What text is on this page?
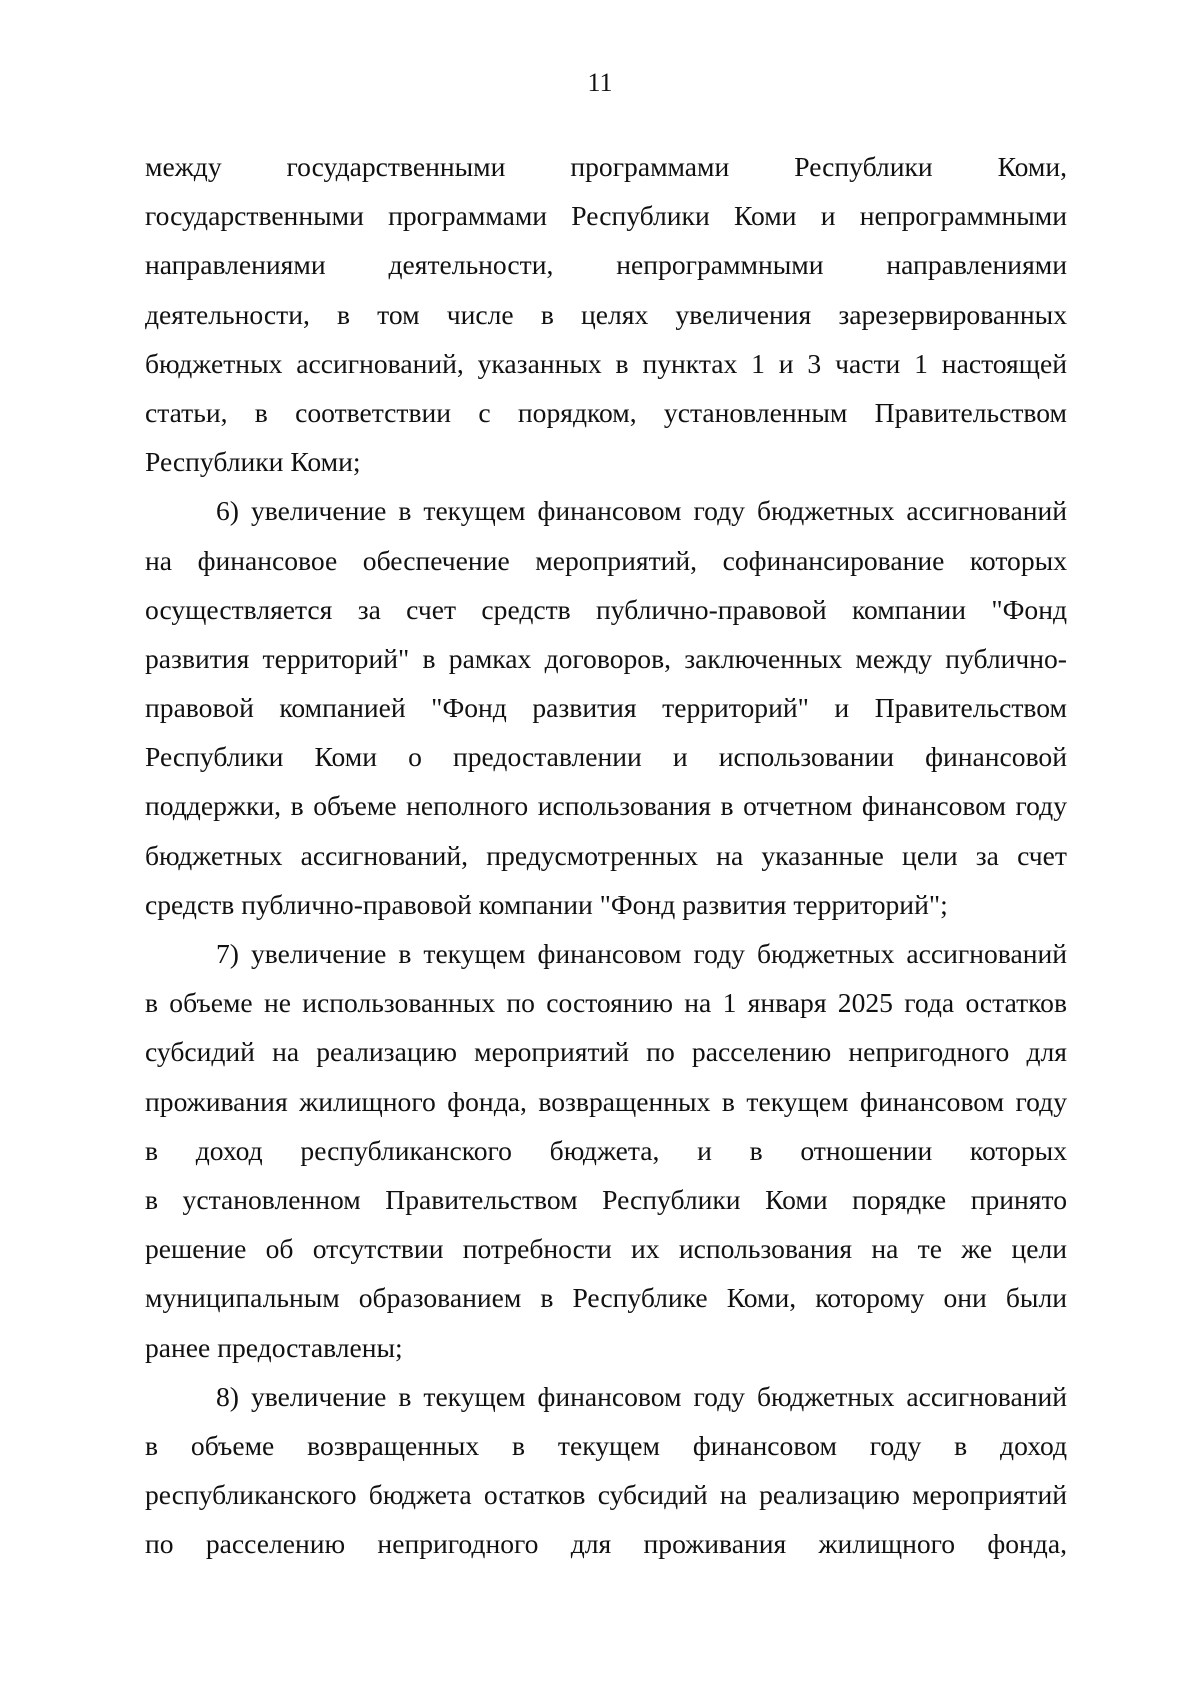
11
между государственными программами Республики Коми,
государственными программами Республики Коми и непрограммными
направлениями деятельности, непрограммными направлениями
деятельности, в том числе в целях увеличения зарезервированных
бюджетных ассигнований, указанных в пунктах 1 и 3 части 1 настоящей
статьи, в соответствии с порядком, установленным Правительством
Республики Коми;
6) увеличение в текущем финансовом году бюджетных ассигнований
на финансовое обеспечение мероприятий, софинансирование которых
осуществляется за счет средств публично-правовой компании "Фонд
развития территорий" в рамках договоров, заключенных между публично-
правовой компанией "Фонд развития территорий" и Правительством
Республики Коми о предоставлении и использовании финансовой
поддержки, в объеме неполного использования в отчетном финансовом году
бюджетных ассигнований, предусмотренных на указанные цели за счет
средств публично-правовой компании "Фонд развития территорий";
7) увеличение в текущем финансовом году бюджетных ассигнований
в объеме не использованных по состоянию на 1 января 2025 года остатков
субсидий на реализацию мероприятий по расселению непригодного для
проживания жилищного фонда, возвращенных в текущем финансовом году
в доход республиканского бюджета, и в отношении которых
в установленном Правительством Республики Коми порядке принято
решение об отсутствии потребности их использования на те же цели
муниципальным образованием в Республике Коми, которому они были
ранее предоставлены;
8) увеличение в текущем финансовом году бюджетных ассигнований
в объеме возвращенных в текущем финансовом году в доход
республиканского бюджета остатков субсидий на реализацию мероприятий
по расселению непригодного для проживания жилищного фонда,
